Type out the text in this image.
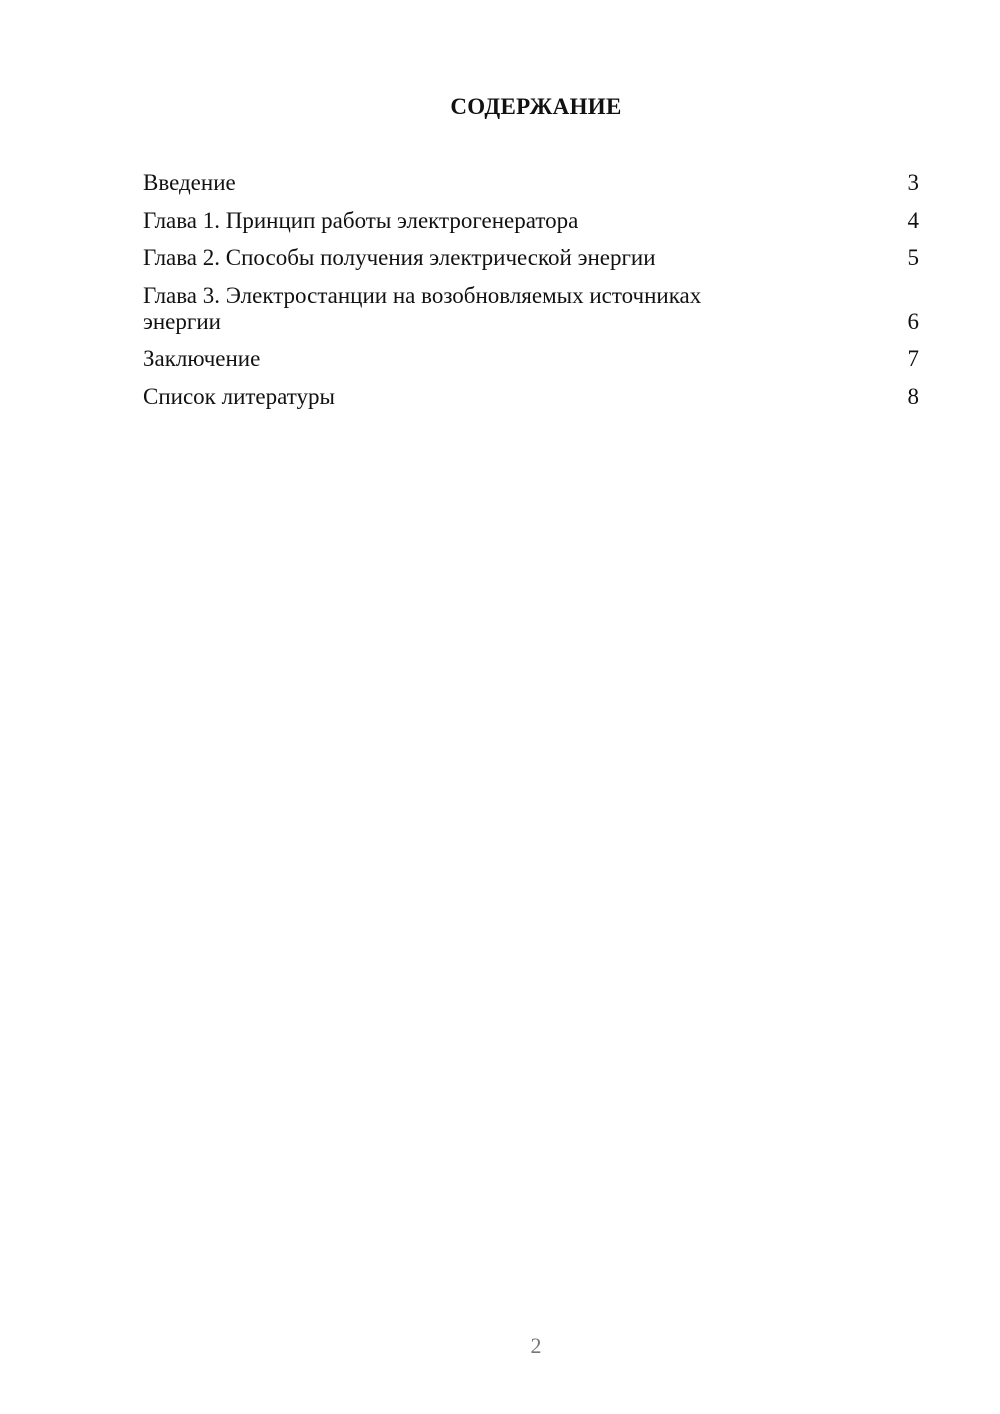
СОДЕРЖАНИЕ
Введение	3
Глава 1. Принцип работы электрогенератора	4
Глава 2. Способы получения электрической энергии	5
Глава 3. Электростанции на возобновляемых источниках энергии	6
Заключение	7
Список литературы	8
2
